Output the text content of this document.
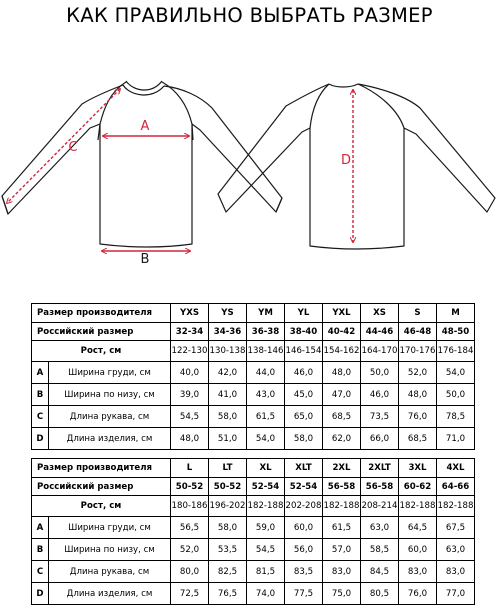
КАК ПРАВИЛЬНО ВЫБРАТЬ РАЗМЕР
A
B
C
D
Размер производителя		YXS	YS	YM	YL	YXL	XS	S	M
Российский размер		32-34	34-36	36-38	38-40	40-42	44-46	46-48	48-50
Рост, см		122-130	130-138	138-146	146-154	154-162	164-170	170-176	176-184
A	Ширина груди, см	40,0	42,0	44,0	46,0	48,0	50,0	52,0	54,0
B	Ширина по низу, см	39,0	41,0	43,0	45,0	47,0	46,0	48,0	50,0
C	Длина рукава, см	54,5	58,0	61,5	65,0	68,5	73,5	76,0	78,5
D	Длина изделия, см	48,0	51,0	54,0	58,0	62,0	66,0	68,5	71,0
Размер производителя		L	LT	XL	XLT	2XL	2XLT	3XL	4XL
Российский размер		50-52	50-52	52-54	52-54	56-58	56-58	60-62	64-66
Рост, см		180-186	196-202	182-188	202-208	182-188	208-214	182-188	182-188
A	Ширина груди, см	56,5	58,0	59,0	60,0	61,5	63,0	64,5	67,5
B	Ширина по низу, см	52,0	53,5	54,5	56,0	57,0	58,5	60,0	63,0
C	Длина рукава, см	80,0	82,5	81,5	83,5	83,0	84,5	83,0	83,0
D	Длина изделия, см	72,5	76,5	74,0	77,5	75,0	80,5	76,0	77,0
